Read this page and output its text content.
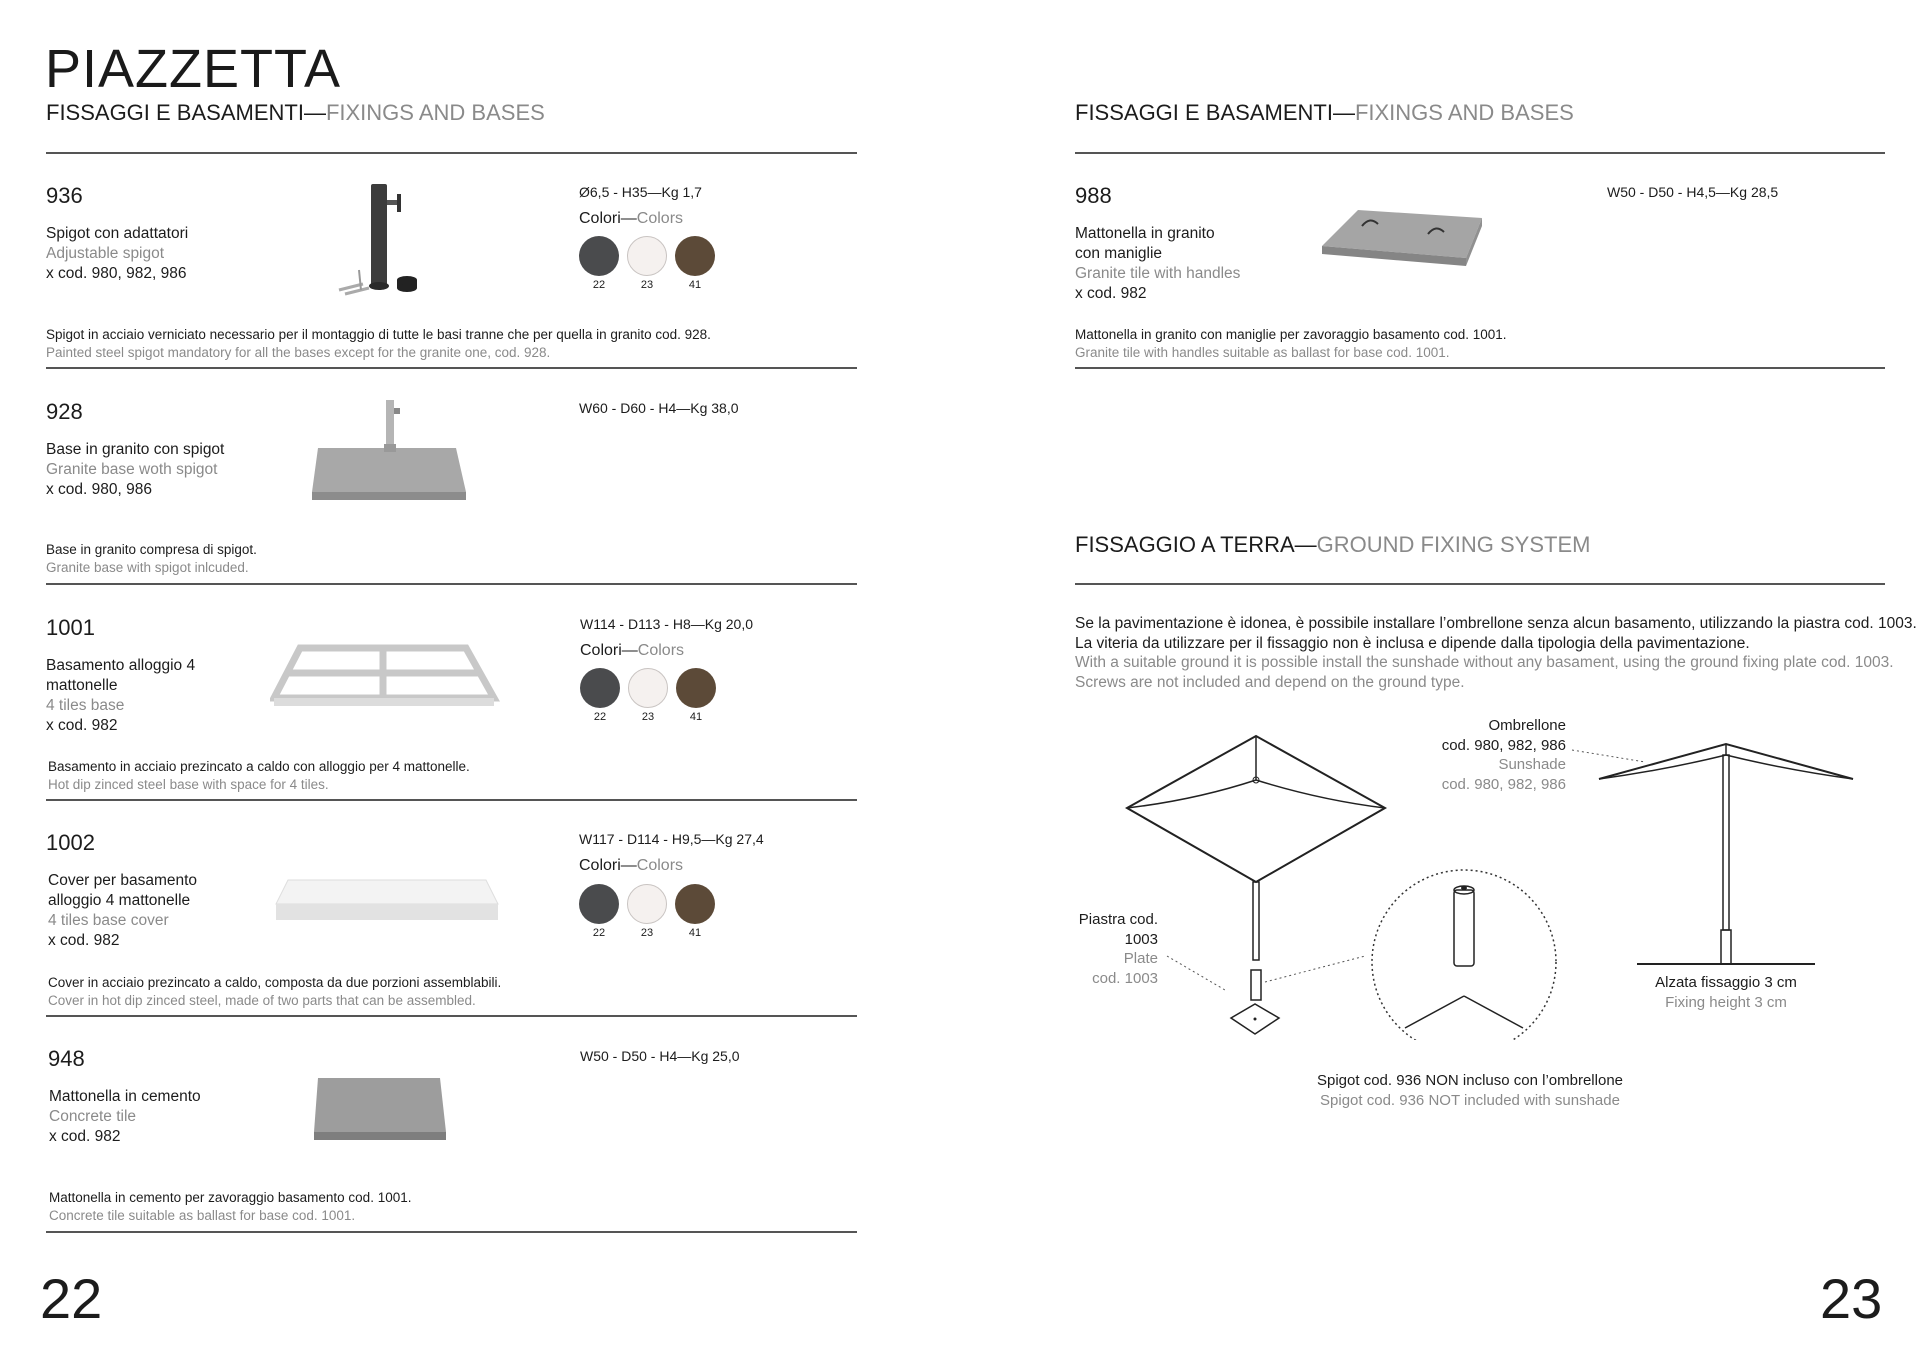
PIAZZETTA
FISSAGGI E BASAMENTI—FIXINGS AND BASES
936
Spigot con adattatori
Adjustable spigot
x cod. 980, 982, 986
Ø6,5 - H35—Kg 1,7
Colori—Colors
22	23	41
Spigot in acciaio verniciato necessario per il montaggio di tutte le basi tranne che per quella in granito cod. 928.
Painted steel spigot mandatory for all the bases except for the granite one, cod. 928.
928
Base in granito con spigot
Granite base woth spigot
x cod. 980, 986
W60 - D60 - H4—Kg 38,0
Base in granito compresa di spigot.
Granite base with spigot inlcuded.
1001
Basamento alloggio 4
mattonelle
4 tiles base
x cod. 982
W114 - D113 - H8—Kg 20,0
Colori—Colors
22	23	41
Basamento in acciaio prezincato a caldo con alloggio per 4 mattonelle.
Hot dip zinced steel base with space for 4 tiles.
1002
Cover per basamento
alloggio 4 mattonelle
4 tiles base cover
x cod. 982
W117 - D114 - H9,5—Kg 27,4
Colori—Colors
22	23	41
Cover in acciaio prezincato a caldo, composta da due porzioni assemblabili.
Cover in hot dip zinced steel, made of two parts that can be assembled.
948
Mattonella in cemento
Concrete tile
x cod. 982
W50 - D50 - H4—Kg 25,0
Mattonella in cemento per zavoraggio basamento cod. 1001.
Concrete tile suitable as ballast for base cod. 1001.
22
FISSAGGI E BASAMENTI—FIXINGS AND BASES
988
Mattonella in granito
con maniglie
Granite tile with handles
x cod. 982
W50 - D50 - H4,5—Kg 28,5
Mattonella in granito con maniglie per zavoraggio basamento cod. 1001.
Granite tile with handles suitable as ballast for base cod. 1001.
FISSAGGIO A TERRA—GROUND FIXING SYSTEM
Se la pavimentazione è idonea, è possibile installare l’ombrellone senza alcun basamento, utilizzando la piastra cod. 1003.
La viteria da utilizzare per il fissaggio non è inclusa e dipende dalla tipologia della pavimentazione.
With a suitable ground it is possible install the sunshade without any basament, using the ground fixing plate cod. 1003.
Screws are not included and depend on the ground type.
Ombrellone
cod. 980, 982, 986
Sunshade
cod. 980, 982, 986
Piastra cod.
1003
Plate
cod. 1003	Alzata fissaggio 3 cm
Fixing height 3 cm
Spigot cod. 936 NON incluso con l’ombrellone
Spigot cod. 936 NOT included with sunshade
23
